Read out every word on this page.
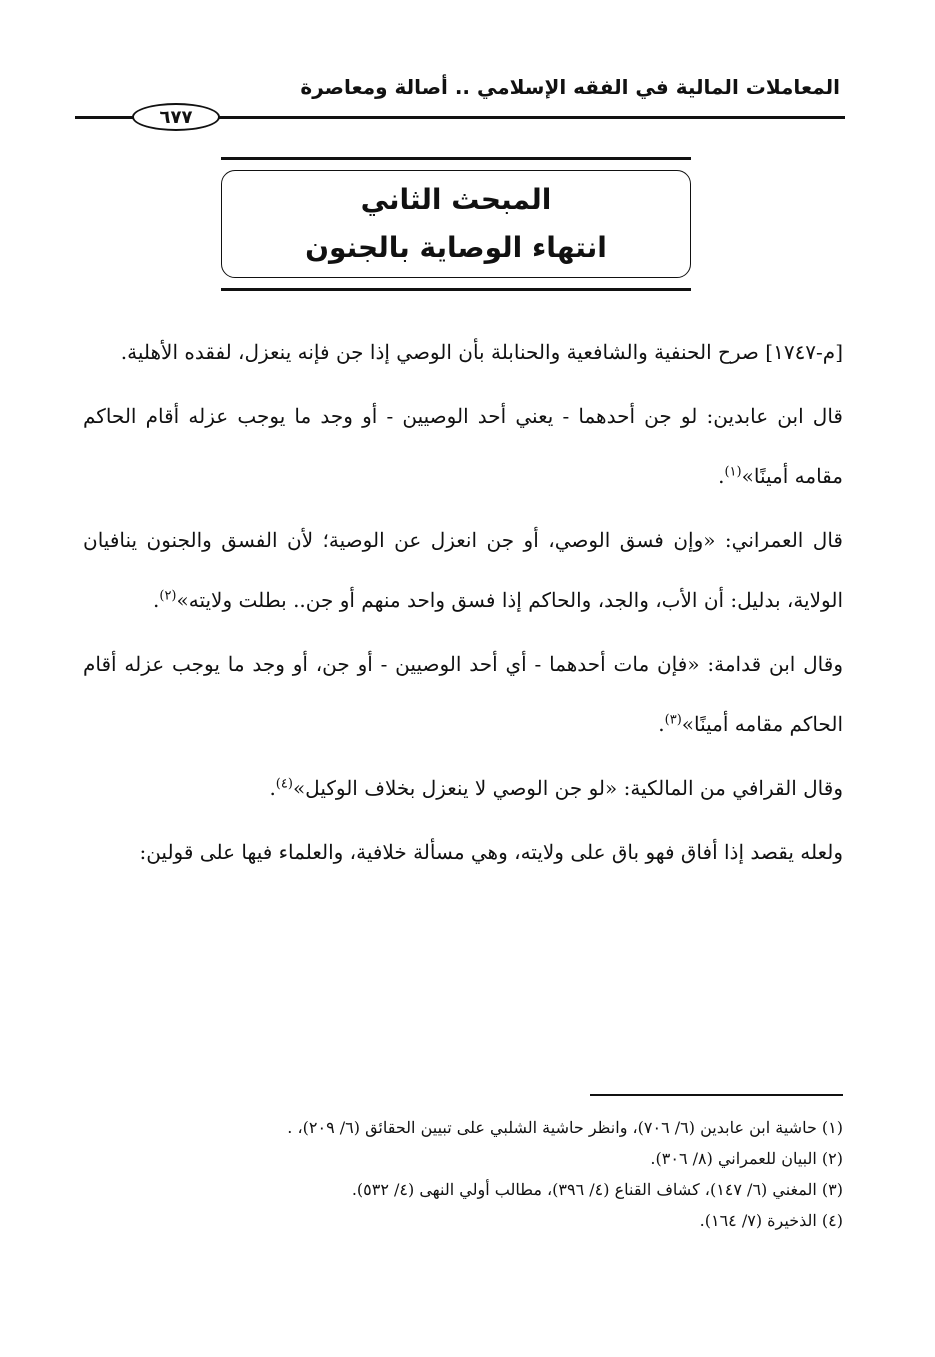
المعاملات المالية في الفقه الإسلامي .. أصالة ومعاصرة
٦٧٧
المبحث الثاني
انتهاء الوصاية بالجنون

[م-١٧٤٧] صرح الحنفية والشافعية والحنابلة بأن الوصي إذا جن فإنه ينعزل، لفقده الأهلية.

قال ابن عابدين: لو جن أحدهما - يعني أحد الوصيين - أو وجد ما يوجب عزله أقام الحاكم مقامه أمينًا»$^{(١)}$.

قال العمراني: «وإن فسق الوصي، أو جن انعزل عن الوصية؛ لأن الفسق والجنون ينافيان الولاية، بدليل: أن الأب، والجد، والحاكم إذا فسق واحد منهم أو جن.. بطلت ولايته»$^{(٢)}$.

وقال ابن قدامة: «فإن مات أحدهما - أي أحد الوصيين - أو جن، أو وجد ما يوجب عزله أقام الحاكم مقامه أمينًا»$^{(٣)}$.

وقال القرافي من المالكية: «لو جن الوصي لا ينعزل بخلاف الوكيل»$^{(٤)}$.

ولعله يقصد إذا أفاق فهو باق على ولايته، وهي مسألة خلافية، والعلماء فيها على قولين:

(١) حاشية ابن عابدين (٦/ ٧٠٦)، وانظر حاشية الشلبي على تبيين الحقائق (٦/ ٢٠٩)، .
(٢) البيان للعمراني (٨/ ٣٠٦).
(٣) المغني (٦/ ١٤٧)، كشاف القناع (٤/ ٣٩٦)، مطالب أولي النهى (٤/ ٥٣٢).
(٤) الذخيرة (٧/ ١٦٤).
